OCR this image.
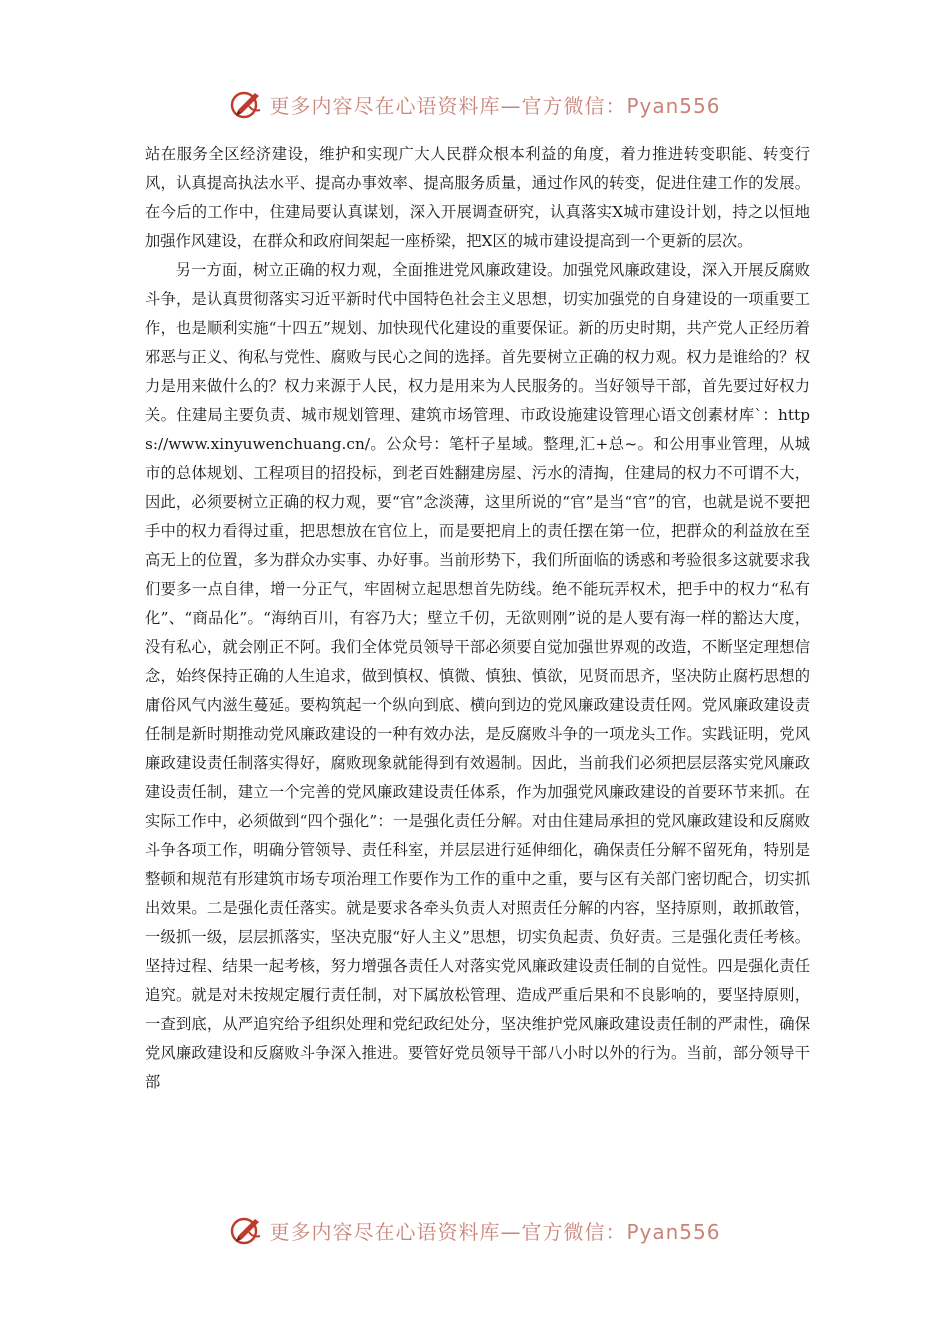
更多内容尽在心语资料库—官方微信：Pyan556

站在服务全区经济建设，维护和实现广大人民群众根本利益的角度，着力推进转变职能、转变行风，认真提高执法水平、提高办事效率、提高服务质量，通过作风的转变，促进住建工作的发展。在今后的工作中，住建局要认真谋划，深入开展调查研究，认真落实X城市建设计划，持之以恒地加强作风建设，在群众和政府间架起一座桥梁，把X区的城市建设提高到一个更新的层次。

另一方面，树立正确的权力观，全面推进党风廉政建设。加强党风廉政建设，深入开展反腐败斗争，是认真贯彻落实习近平新时代中国特色社会主义思想，切实加强党的自身建设的一项重要工作，也是顺利实施“十四五”规划、加快现代化建设的重要保证。新的历史时期，共产党人正经历着邪恶与正义、徇私与党性、腐败与民心之间的选择。首先要树立正确的权力观。权力是谁给的？权力是用来做什么的？权力来源于人民，权力是用来为人民服务的。当好领导干部，首先要过好权力关。住建局主要负责、城市规划管理、建筑市场管理、市政设施建设管理心语文创素材库`：https://www.xinyuwenchuang.cn/。公众号：笔杆子星域。整理,汇+总~。和公用事业管理，从城市的总体规划、工程项目的招投标，到老百姓翻建房屋、污水的清掏，住建局的权力不可谓不大，因此，必须要树立正确的权力观，要“官”念淡薄，这里所说的“官”是当“官”的官，也就是说不要把手中的权力看得过重，把思想放在官位上，而是要把肩上的责任摆在第一位，把群众的利益放在至高无上的位置，多为群众办实事、办好事。当前形势下，我们所面临的诱惑和考验很多这就要求我们要多一点自律，增一分正气，牢固树立起思想首先防线。绝不能玩弄权术，把手中的权力“私有化”、“商品化”。“海纳百川，有容乃大；壁立千仞，无欲则刚”说的是人要有海一样的豁达大度，没有私心，就会刚正不阿。我们全体党员领导干部必须要自觉加强世界观的改造，不断坚定理想信念，始终保持正确的人生追求，做到慎权、慎微、慎独、慎欲，见贤而思齐，坚决防止腐朽思想的庸俗风气内滋生蔓延。要构筑起一个纵向到底、横向到边的党风廉政建设责任网。党风廉政建设责任制是新时期推动党风廉政建设的一种有效办法，是反腐败斗争的一项龙头工作。实践证明，党风廉政建设责任制落实得好，腐败现象就能得到有效遏制。因此，当前我们必须把层层落实党风廉政建设责任制，建立一个完善的党风廉政建设责任体系，作为加强党风廉政建设的首要环节来抓。在实际工作中，必须做到“四个强化”：一是强化责任分解。对由住建局承担的党风廉政建设和反腐败斗争各项工作，明确分管领导、责任科室，并层层进行延伸细化，确保责任分解不留死角，特别是整顿和规范有形建筑市场专项治理工作要作为工作的重中之重，要与区有关部门密切配合，切实抓出效果。二是强化责任落实。就是要求各牵头负责人对照责任分解的内容，坚持原则，敢抓敢管，一级抓一级，层层抓落实，坚决克服“好人主义”思想，切实负起责、负好责。三是强化责任考核。坚持过程、结果一起考核，努力增强各责任人对落实党风廉政建设责任制的自觉性。四是强化责任追究。就是对未按规定履行责任制，对下属放松管理、造成严重后果和不良影响的，要坚持原则，一查到底，从严追究给予组织处理和党纪政纪处分，坚决维护党风廉政建设责任制的严肃性，确保党风廉政建设和反腐败斗争深入推进。要管好党员领导干部八小时以外的行为。当前，部分领导干部

更多内容尽在心语资料库—官方微信：Pyan556
